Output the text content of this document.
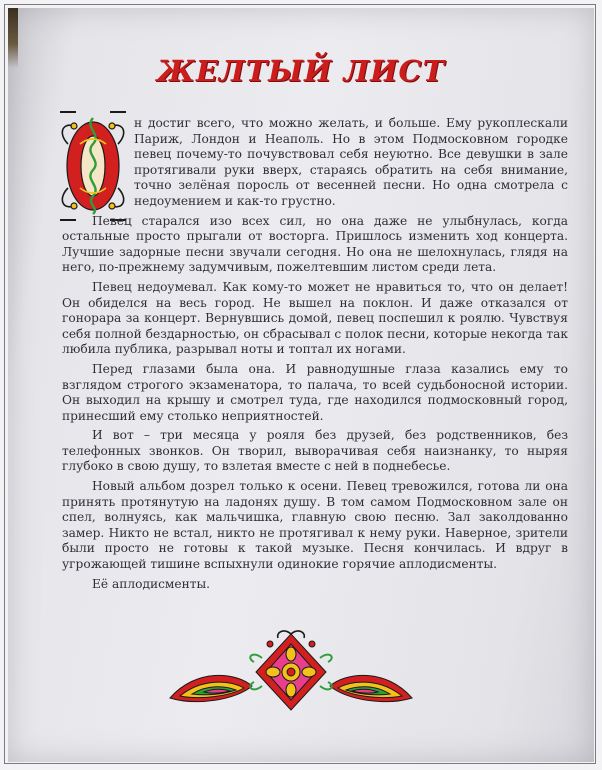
ЖЕЛТЫЙ ЛИСТ

н достиг всего, что можно желать, и больше. Ему рукоплескали Париж, Лондон и Неаполь. Но в этом Подмосковном городке певец почему-то почувствовал себя неуютно. Все девушки в зале протягивали руки вверх, стараясь обратить на себя внимание, точно зелёная поросль от весенней песни. Но одна смотрела с недоумением и как-то грустно.

Певец старался изо всех сил, но она даже не улыбнулась, когда остальные просто прыгали от восторга. Пришлось изменить ход концерта. Лучшие задорные песни звучали сегодня. Но она не шелохнулась, глядя на него, по-прежнему задумчивым, пожелтевшим листом среди лета.

Певец недоумевал. Как кому-то может не нравиться то, что он делает! Он обиделся на весь город. Не вышел на поклон. И даже отказался от гонорара за концерт. Вернувшись домой, певец поспешил к роялю. Чувствуя себя полной бездарностью, он сбрасывал с полок песни, которые некогда так любила публика, разрывал ноты и топтал их ногами.

Перед глазами была она. И равнодушные глаза казались ему то взглядом строгого экзаменатора, то палача, то всей судьбоносной истории. Он выходил на крышу и смотрел туда, где находился подмосковный город, принесший ему столько неприятностей.

И вот – три месяца у рояля без друзей, без родственников, без телефонных звонков. Он творил, выворачивая себя наизнанку, то ныряя глубоко в свою душу, то взлетая вместе с ней в поднебесье.

Новый альбом дозрел только к осени. Певец тревожился, готова ли она принять протянутую на ладонях душу. В том самом Подмосковном зале он спел, волнуясь, как мальчишка, главную свою песню. Зал заколдованно замер. Никто не встал, никто не протягивал к нему руки. Наверное, зрители были просто не готовы к такой музыке. Песня кончилась. И вдруг в угрожающей тишине вспыхнули одинокие горячие аплодисменты.

Её аплодисменты.
